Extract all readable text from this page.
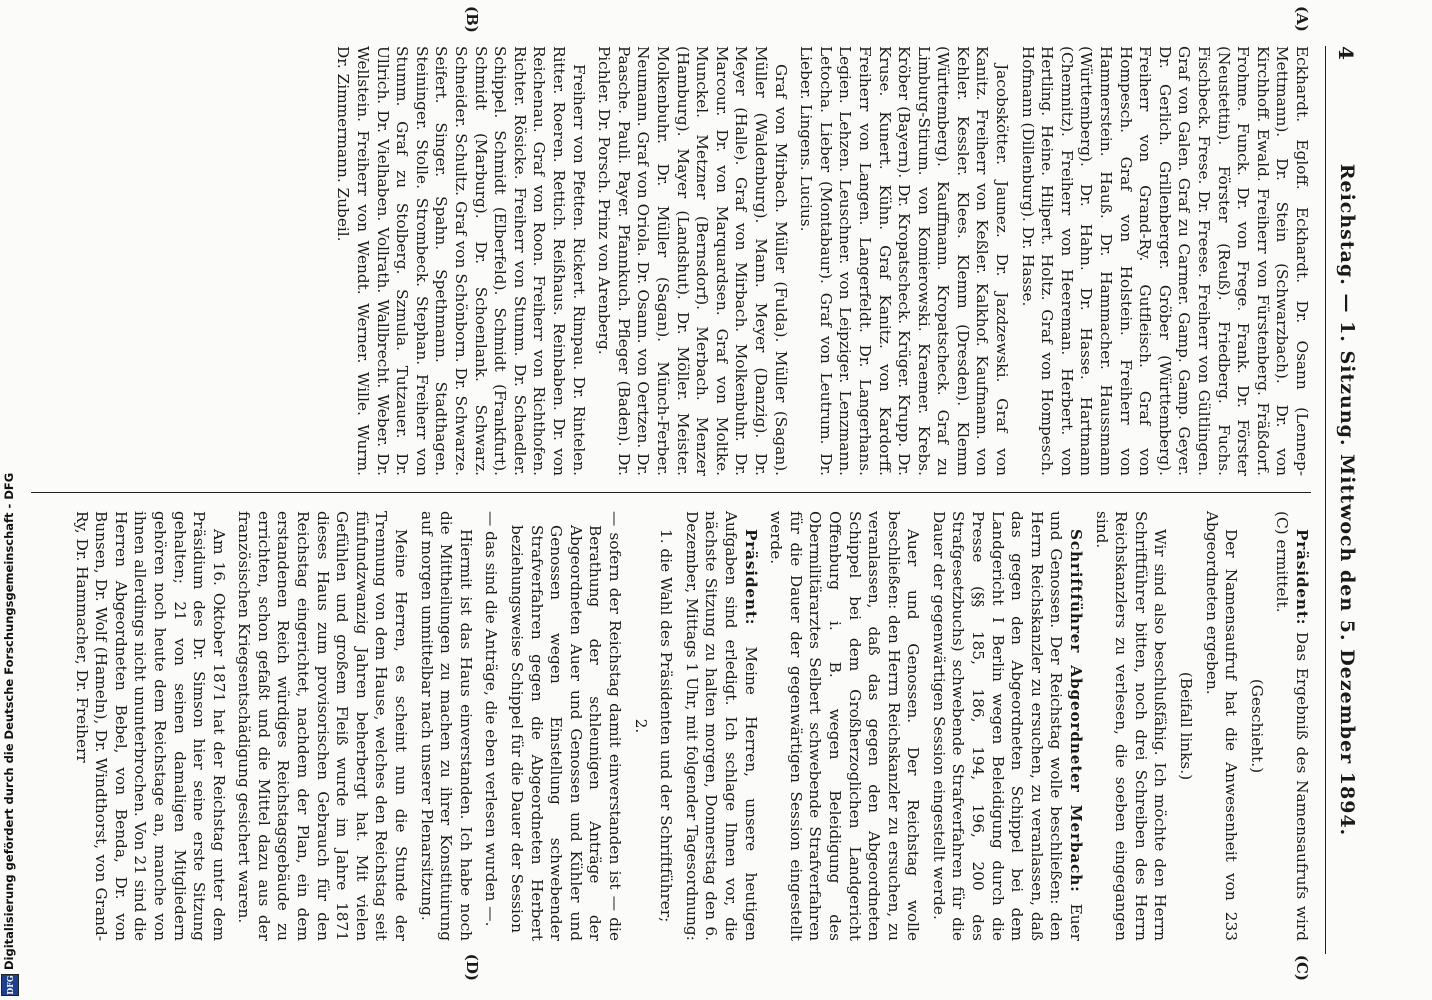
4
Reichstag. — 1. Sitzung. Mittwoch den 5. Dezember 1894.
(A)
(B)

Eckhardt. Egloff. Eckhardt. Dr. Osann (Lennep-Mettmann). Dr. Stein (Schwarzbach). Dr. von Kirchhoff. Ewald. Freiherr von Fürstenberg. Fräßdorf. Frohme. Funck. Dr. von Frege. Frank. Dr. Förster (Neustettin). Förster (Reuß). Friedberg. Fuchs. Fischbeck. Frese. Dr. Freese. Freiherr von Gültlingen. Graf von Galen. Graf zu Carmer. Gamp. Gamp. Geyer. Dr. Gerlich. Grillenberger. Gröber (Württemberg). Freiherr von Grand-Ry. Gutfleisch. Graf von Hompesch. Graf von Holstein. Freiherr von Hammerstein. Hauß. Dr. Hammacher. Haussmann (Württemberg). Dr. Hahn. Dr. Hasse. Hartmann (Chemnitz). Freiherr von Heereman. Herbert. von Hertling. Heine. Hilpert. Holtz. Graf von Hompesch. Hofmann (Dillenburg). Dr. Hasse.

Jacobskötter. Jaunez. Dr. Jazdzewski. Graf von Kanitz. Freiherr von Keßler. Kalkhof. Kaufmann. von Kehler. Kessler. Klees. Klemm (Dresden). Klemm (Württemberg). Kauffmann. Kropatscheck. Graf zu Limburg-Stirum. von Komierowski. Kraemer. Krebs. Kröber (Bayern). Dr. Kropatscheck. Krüger. Krupp. Dr. Kruse. Kunert. Kühn. Graf Kanitz. von Kardorff. Freiherr von Langen. Langerfeldt. Dr. Langerhans. Legien. Lehzen. Leuschner. von Leipziger. Lenzmann. Letocha. Lieber (Montabaur). Graf von Leutrum. Dr. Lieber. Lingens. Lucius.

Graf von Mirbach. Müller (Fulda). Müller (Sagan). Müller (Waldenburg). Mann. Meyer (Danzig). Dr. Meyer (Halle). Graf von Mirbach. Molkenbuhr. Dr. Marcour. Dr. von Marquardsen. Graf von Moltke. Munckel. Metzner (Bernsdorf). Merbach. Menzer (Hamburg). Mayer (Landshut). Dr. Möller. Meister. Molkenbuhr. Dr. Müller (Sagan). Münch-Ferber. Neumann. Graf von Oriola. Dr. Osann. von Oertzen. Dr. Paasche. Pauli. Payer. Pfannkuch. Pfleger (Baden). Dr. Pichler. Dr. Porsch. Prinz von Arenberg.

Freiherr von Pfetten. Rickert. Rimpau. Dr. Rintelen. Ritter. Roeren. Rettich. Reißhaus. Reinbaben. Dr. von Reichenau. Graf von Roon. Freiherr von Richthofen. Richter. Rösicke. Freiherr von Stumm. Dr. Schaedler. Schippel. Schmidt (Elberfeld). Schmidt (Frankfurt). Schmidt (Marburg). Dr. Schoenlank. Schwarz. Schneider. Schultz. Graf von Schönborn. Dr. Schwarze. Seifert. Singer. Spahn. Spethmann. Stadthagen. Steininger. Stolle. Strombeck. Stephan. Freiherr von Stumm. Graf zu Stolberg. Szmula. Tutzauer. Dr. Ullrich. Dr. Vielhaben. Vollrath. Wallbrecht. Weber. Dr. Wellstein. Freiherr von Wendt. Werner. Wille. Wurm. Dr. Zimmermann. Zubeil.

(C)
(D)

Präsident: Das Ergebniß des Namensaufrufs wird (C) ermittelt.

(Geschieht.)

Der Namensaufruf hat die Anwesenheit von 233 Abgeordneten ergeben.

(Beifall links.)

Wir sind also beschlußfähig. Ich möchte den Herrn Schriftführer bitten, noch drei Schreiben des Herrn Reichskanzlers zu verlesen, die soeben eingegangen sind.

Schriftführer Abgeordneter Merbach: Euer und Genossen. Der Reichstag wolle beschließen: den Herrn Reichskanzler zu ersuchen, zu veranlassen, daß das gegen den Abgeordneten Schippel bei dem Landgericht I Berlin wegen Beleidigung durch die Presse (§§ 185, 186, 194, 196, 200 des Strafgesetzbuchs) schwebende Strafverfahren für die Dauer der gegenwärtigen Session eingestellt werde.

Auer und Genossen. Der Reichstag wolle beschließen: den Herrn Reichskanzler zu ersuchen, zu veranlassen, daß das gegen den Abgeordneten Schippel bei dem Großherzoglichen Landgericht Offenburg i. B. wegen Beleidigung des Obermilitärarztes Selbert schwebende Strafverfahren für die Dauer der gegenwärtigen Session eingestellt werde.

Präsident: Meine Herren, unsere heutigen Aufgaben sind erledigt. Ich schlage Ihnen vor, die nächste Sitzung zu halten morgen, Donnerstag den 6. Dezember, Mittags 1 Uhr, mit folgender Tagesordnung:

1. die Wahl des Präsidenten und der Schriftführer;

2.

— sofern der Reichstag damit einverstanden ist — die Berathung der schleunigen Anträge der Abgeordneten Auer und Genossen und Kühler und Genossen wegen Einstellung schwebender Strafverfahren gegen die Abgeordneten Herbert beziehungsweise Schippel für die Dauer der Session

— das sind die Anträge, die eben verlesen wurden —.

Hiermit ist das Haus einverstanden. Ich habe noch die Mittheilungen zu machen zu ihrer Konstituirung auf morgen unmittelbar nach unserer Plenarsitzung.

Meine Herren, es scheint nun die Stunde der Trennung von dem Hause, welches den Reichstag seit fünfundzwanzig Jahren beherbergt hat. Mit vielen Gefühlen und großem Fleiß wurde im Jahre 1871 dieses Haus zum provisorischen Gebrauch für den Reichstag eingerichtet, nachdem der Plan, ein dem erstandenen Reich würdiges Reichstagsgebäude zu errichten, schon gefaßt und die Mittel dazu aus der französischen Kriegsentschädigung gesichert waren.

Am 16. Oktober 1871 hat der Reichstag unter dem Präsidium des Dr. Simson hier seine erste Sitzung gehalten; 21 von seinen damaligen Mitgliedern gehören noch heute dem Reichstage an, manche von ihnen allerdings nicht ununterbrochen. Von 21 sind die Herren Abgeordneten Bebel, von Benda, Dr. von Bunsen, Dr. Wolf (Hameln), Dr. Windthorst, von Grand-Ry, Dr. Hammacher, Dr. Freiherr

DFG
Digitalisierung gefördert durch die Deutsche Forschungsgemeinschaft - DFG
